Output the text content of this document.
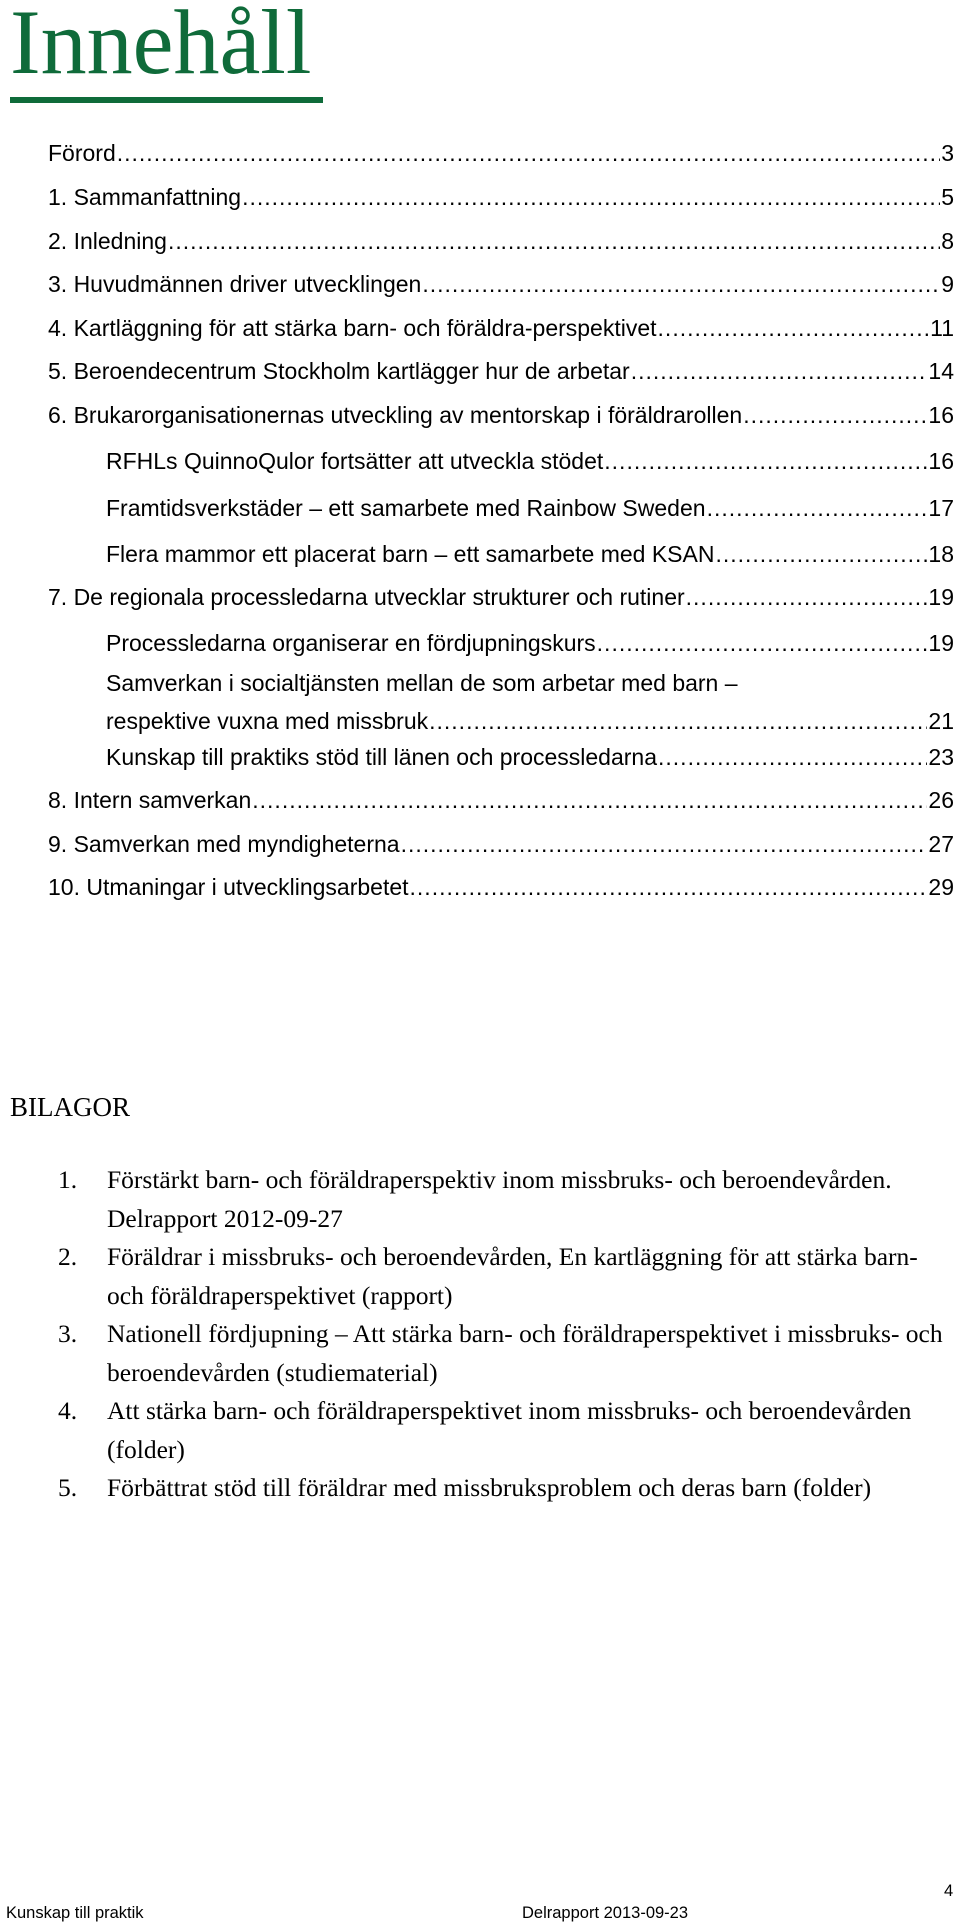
Innehåll
Förord .....	3
1. Sammanfattning .....	5
2. Inledning .....	8
3. Huvudmännen driver utvecklingen .....	9
4. Kartläggning för att stärka barn- och föräldra-perspektivet .....	11
5. Beroendecentrum Stockholm kartlägger hur de arbetar .....	14
6. Brukarorganisationernas utveckling av mentorskap i föräldrarollen .....	16
RFHLs QuinnoQulor fortsätter att utveckla stödet .....	16
Framtidsverkstäder – ett samarbete med Rainbow Sweden .....	17
Flera mammor ett placerat barn – ett samarbete med KSAN .....	18
7. De regionala processledarna utvecklar strukturer och rutiner .....	19
Processledarna organiserar en fördjupningskurs .....	19
Samverkan i socialtjänsten mellan de som arbetar med barn –
respektive vuxna med missbruk .....	21
Kunskap till praktiks stöd till länen och processledarna .....	23
8. Intern samverkan .....	26
9. Samverkan med myndigheterna .....	27
10. Utmaningar i utvecklingsarbetet .....	29
BILAGOR
1.	Förstärkt barn- och föräldraperspektiv inom missbruks- och beroendevården. Delrapport 2012-09-27
2.	Föräldrar i missbruks- och beroendevården, En kartläggning för att stärka barn- och föräldraperspektivet (rapport)
3.	Nationell fördjupning – Att stärka barn- och föräldraperspektivet i missbruks- och beroendevården (studiematerial)
4.	Att stärka barn- och föräldraperspektivet inom missbruks- och beroendevården (folder)
5.	Förbättrat stöd till föräldrar med missbruksproblem och deras barn (folder)
Kunskap till praktik	Delrapport 2013-09-23
4
